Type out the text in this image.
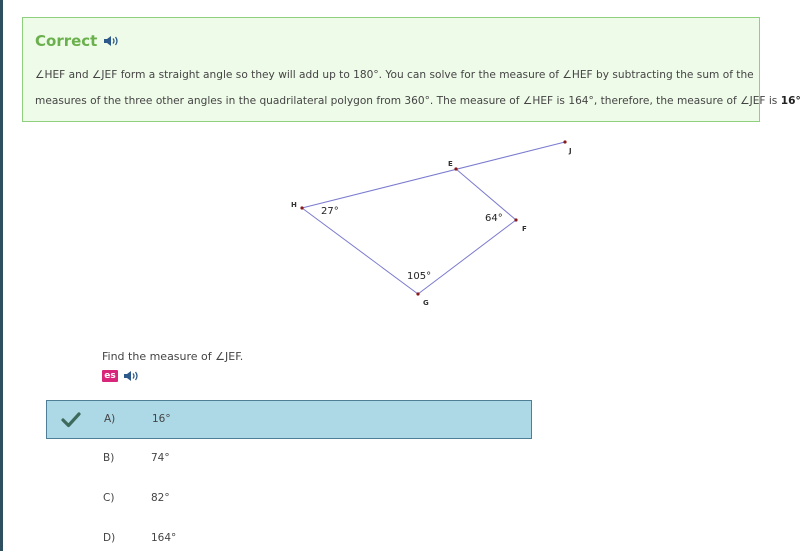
Correct
∠HEF and ∠JEF form a straight angle so they will add up to 180°. You can solve for the measure of ∠HEF by subtracting the sum of the
measures of the three other angles in the quadrilateral polygon from 360°. The measure of ∠HEF is 164°, therefore, the measure of ∠JEF is 16°
J
E
H
F
G
27°
64°
105°
Find the measure of ∠JEF.
es
A)	16°
B)	74°
C)	82°
D)	164°
